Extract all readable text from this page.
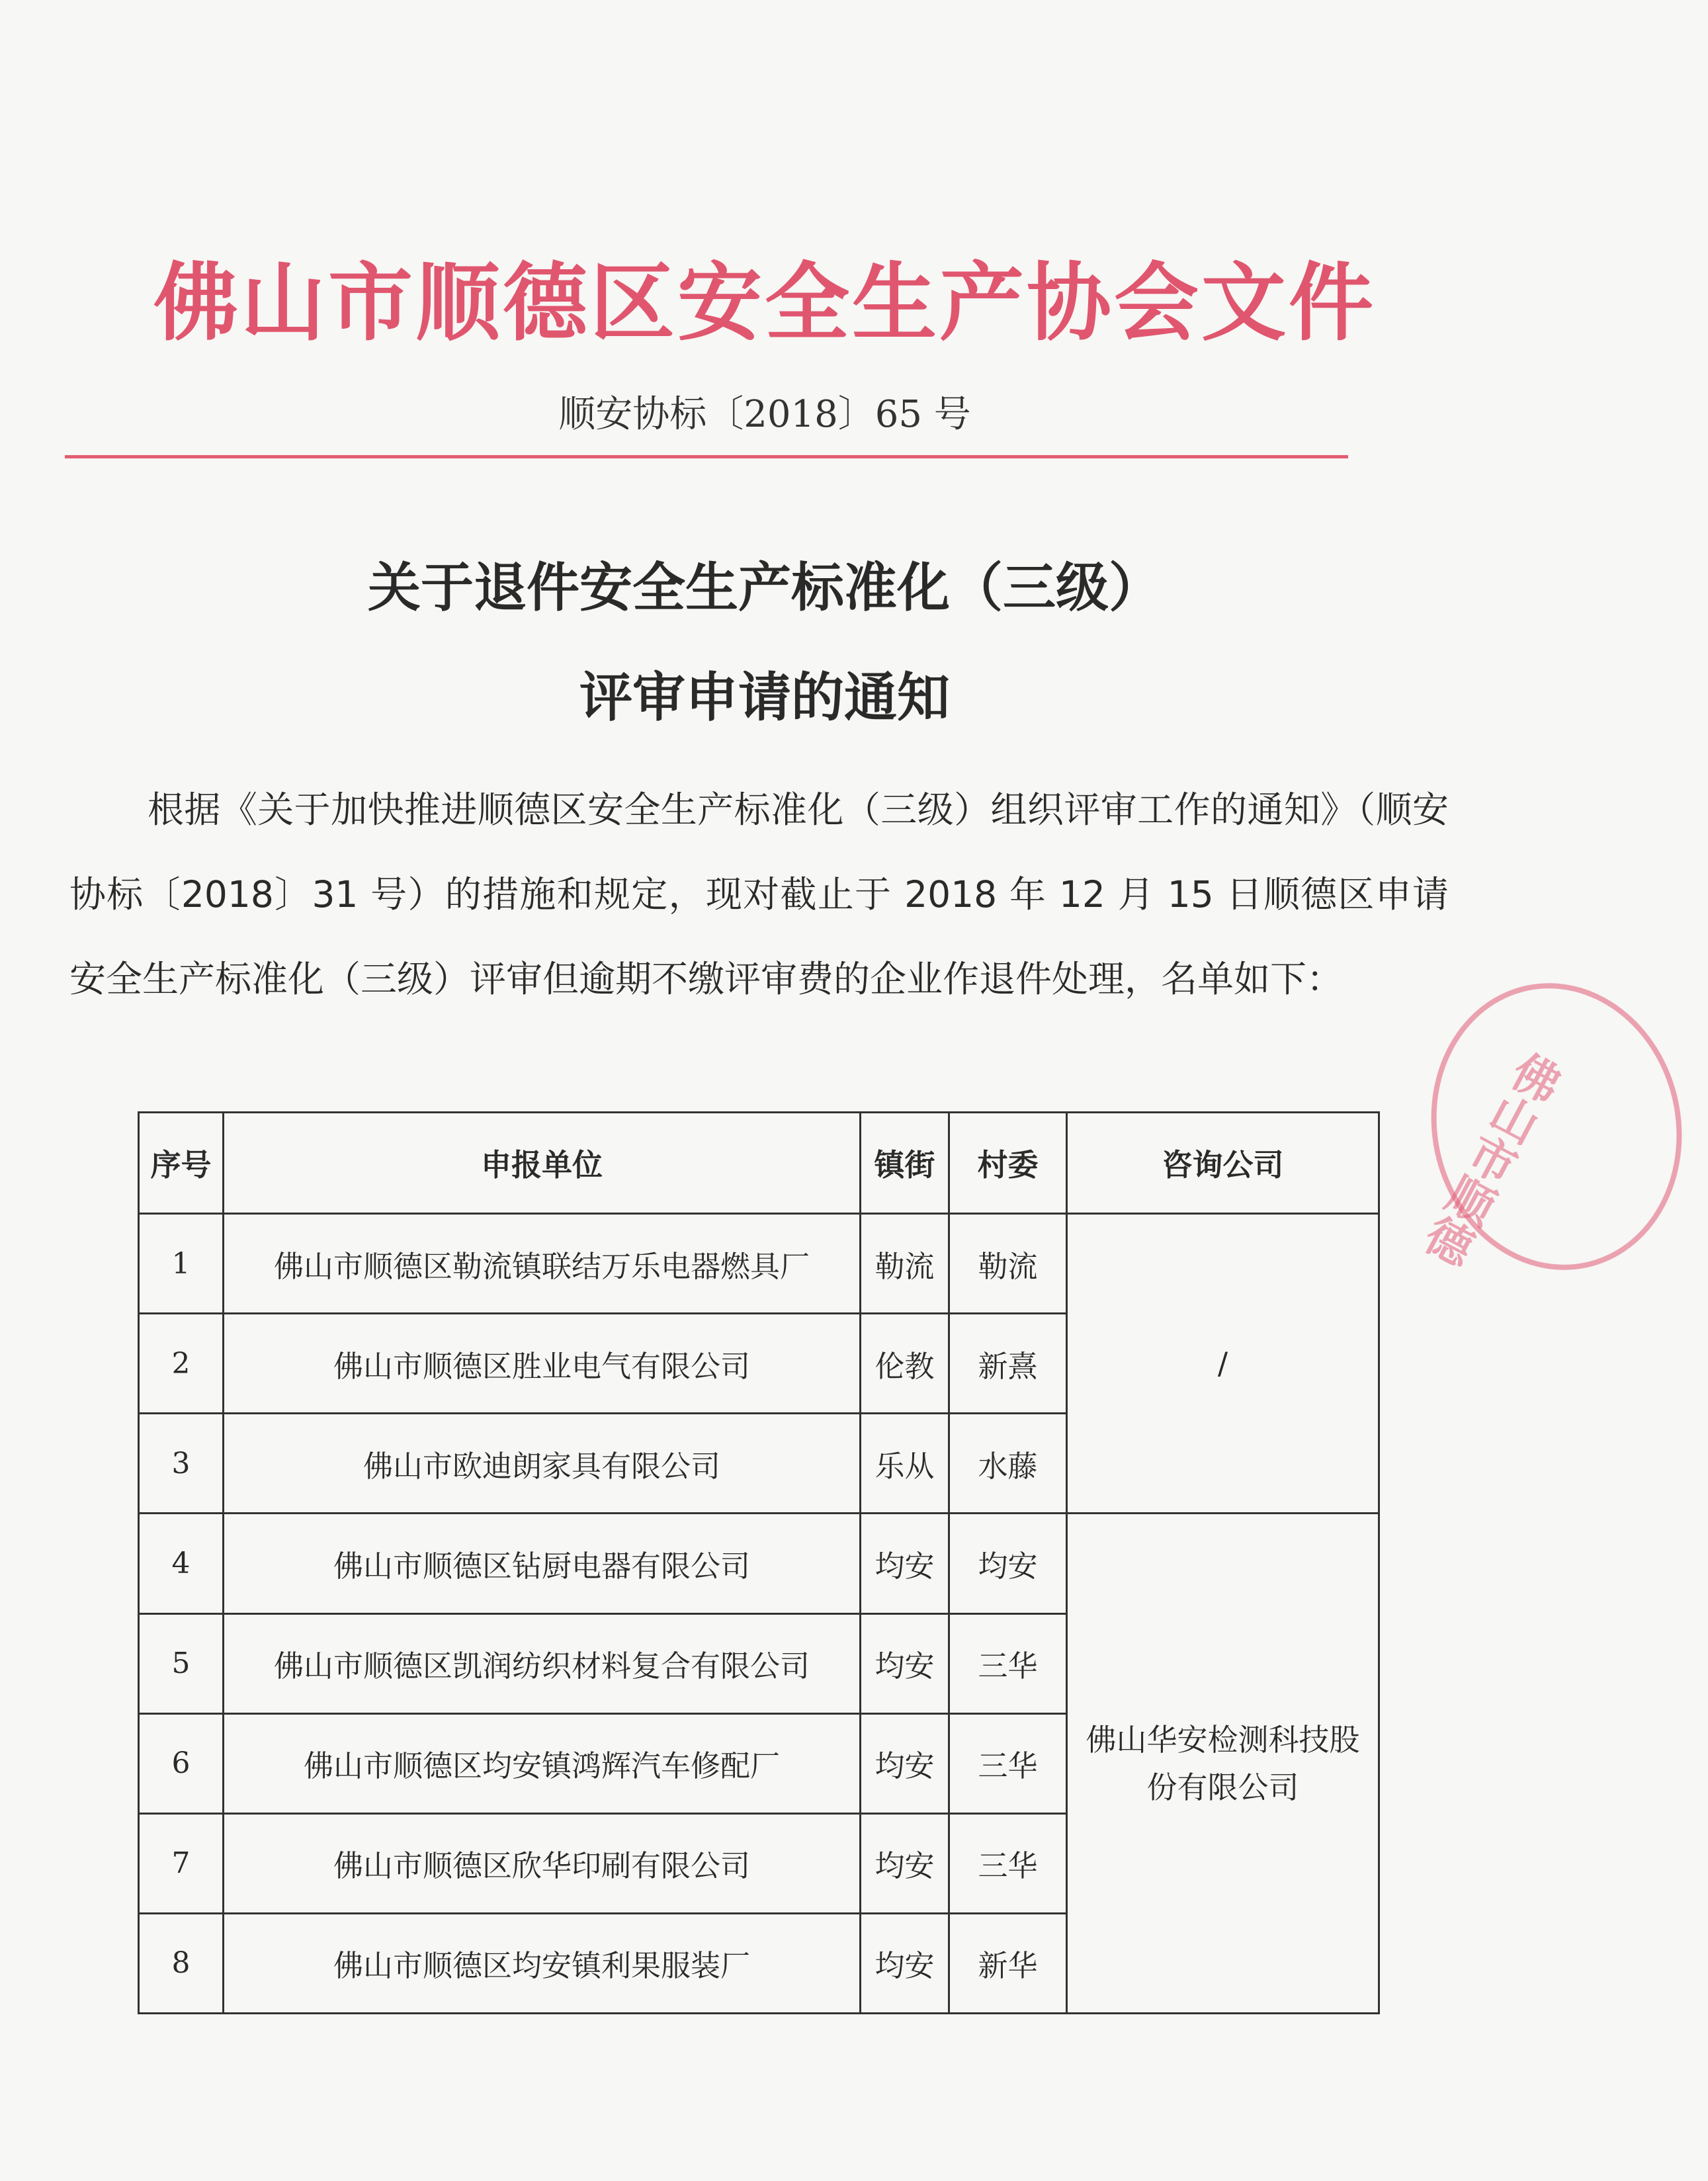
佛山市顺德区安全生产协会文件
顺安协标〔2018〕65 号
关于退件安全生产标准化（三级）
评审申请的通知
根据《关于加快推进顺德区安全生产标准化（三级）组织评审工作的通知》（顺安协标〔2018〕31 号）的措施和规定，现对截止于 2018 年 12 月 15 日顺德区申请安全生产标准化（三级）评审但逾期不缴评审费的企业作退件处理，名单如下：
序号	申报单位	镇街	村委	咨询公司
1	佛山市顺德区勒流镇联结万乐电器燃具厂	勒流	勒流	/
2	佛山市顺德区胜业电气有限公司	伦教	新熹	
3	佛山市欧迪朗家具有限公司	乐从	水藤	
4	佛山市顺德区钻厨电器有限公司	均安	均安	佛山华安检测科技股份有限公司
5	佛山市顺德区凯润纺织材料复合有限公司	均安	三华	
6	佛山市顺德区均安镇鸿辉汽车修配厂	均安	三华	
7	佛山市顺德区欣华印刷有限公司	均安	三华	
8	佛山市顺德区均安镇利果服装厂	均安	新华	
佛山市顺德
